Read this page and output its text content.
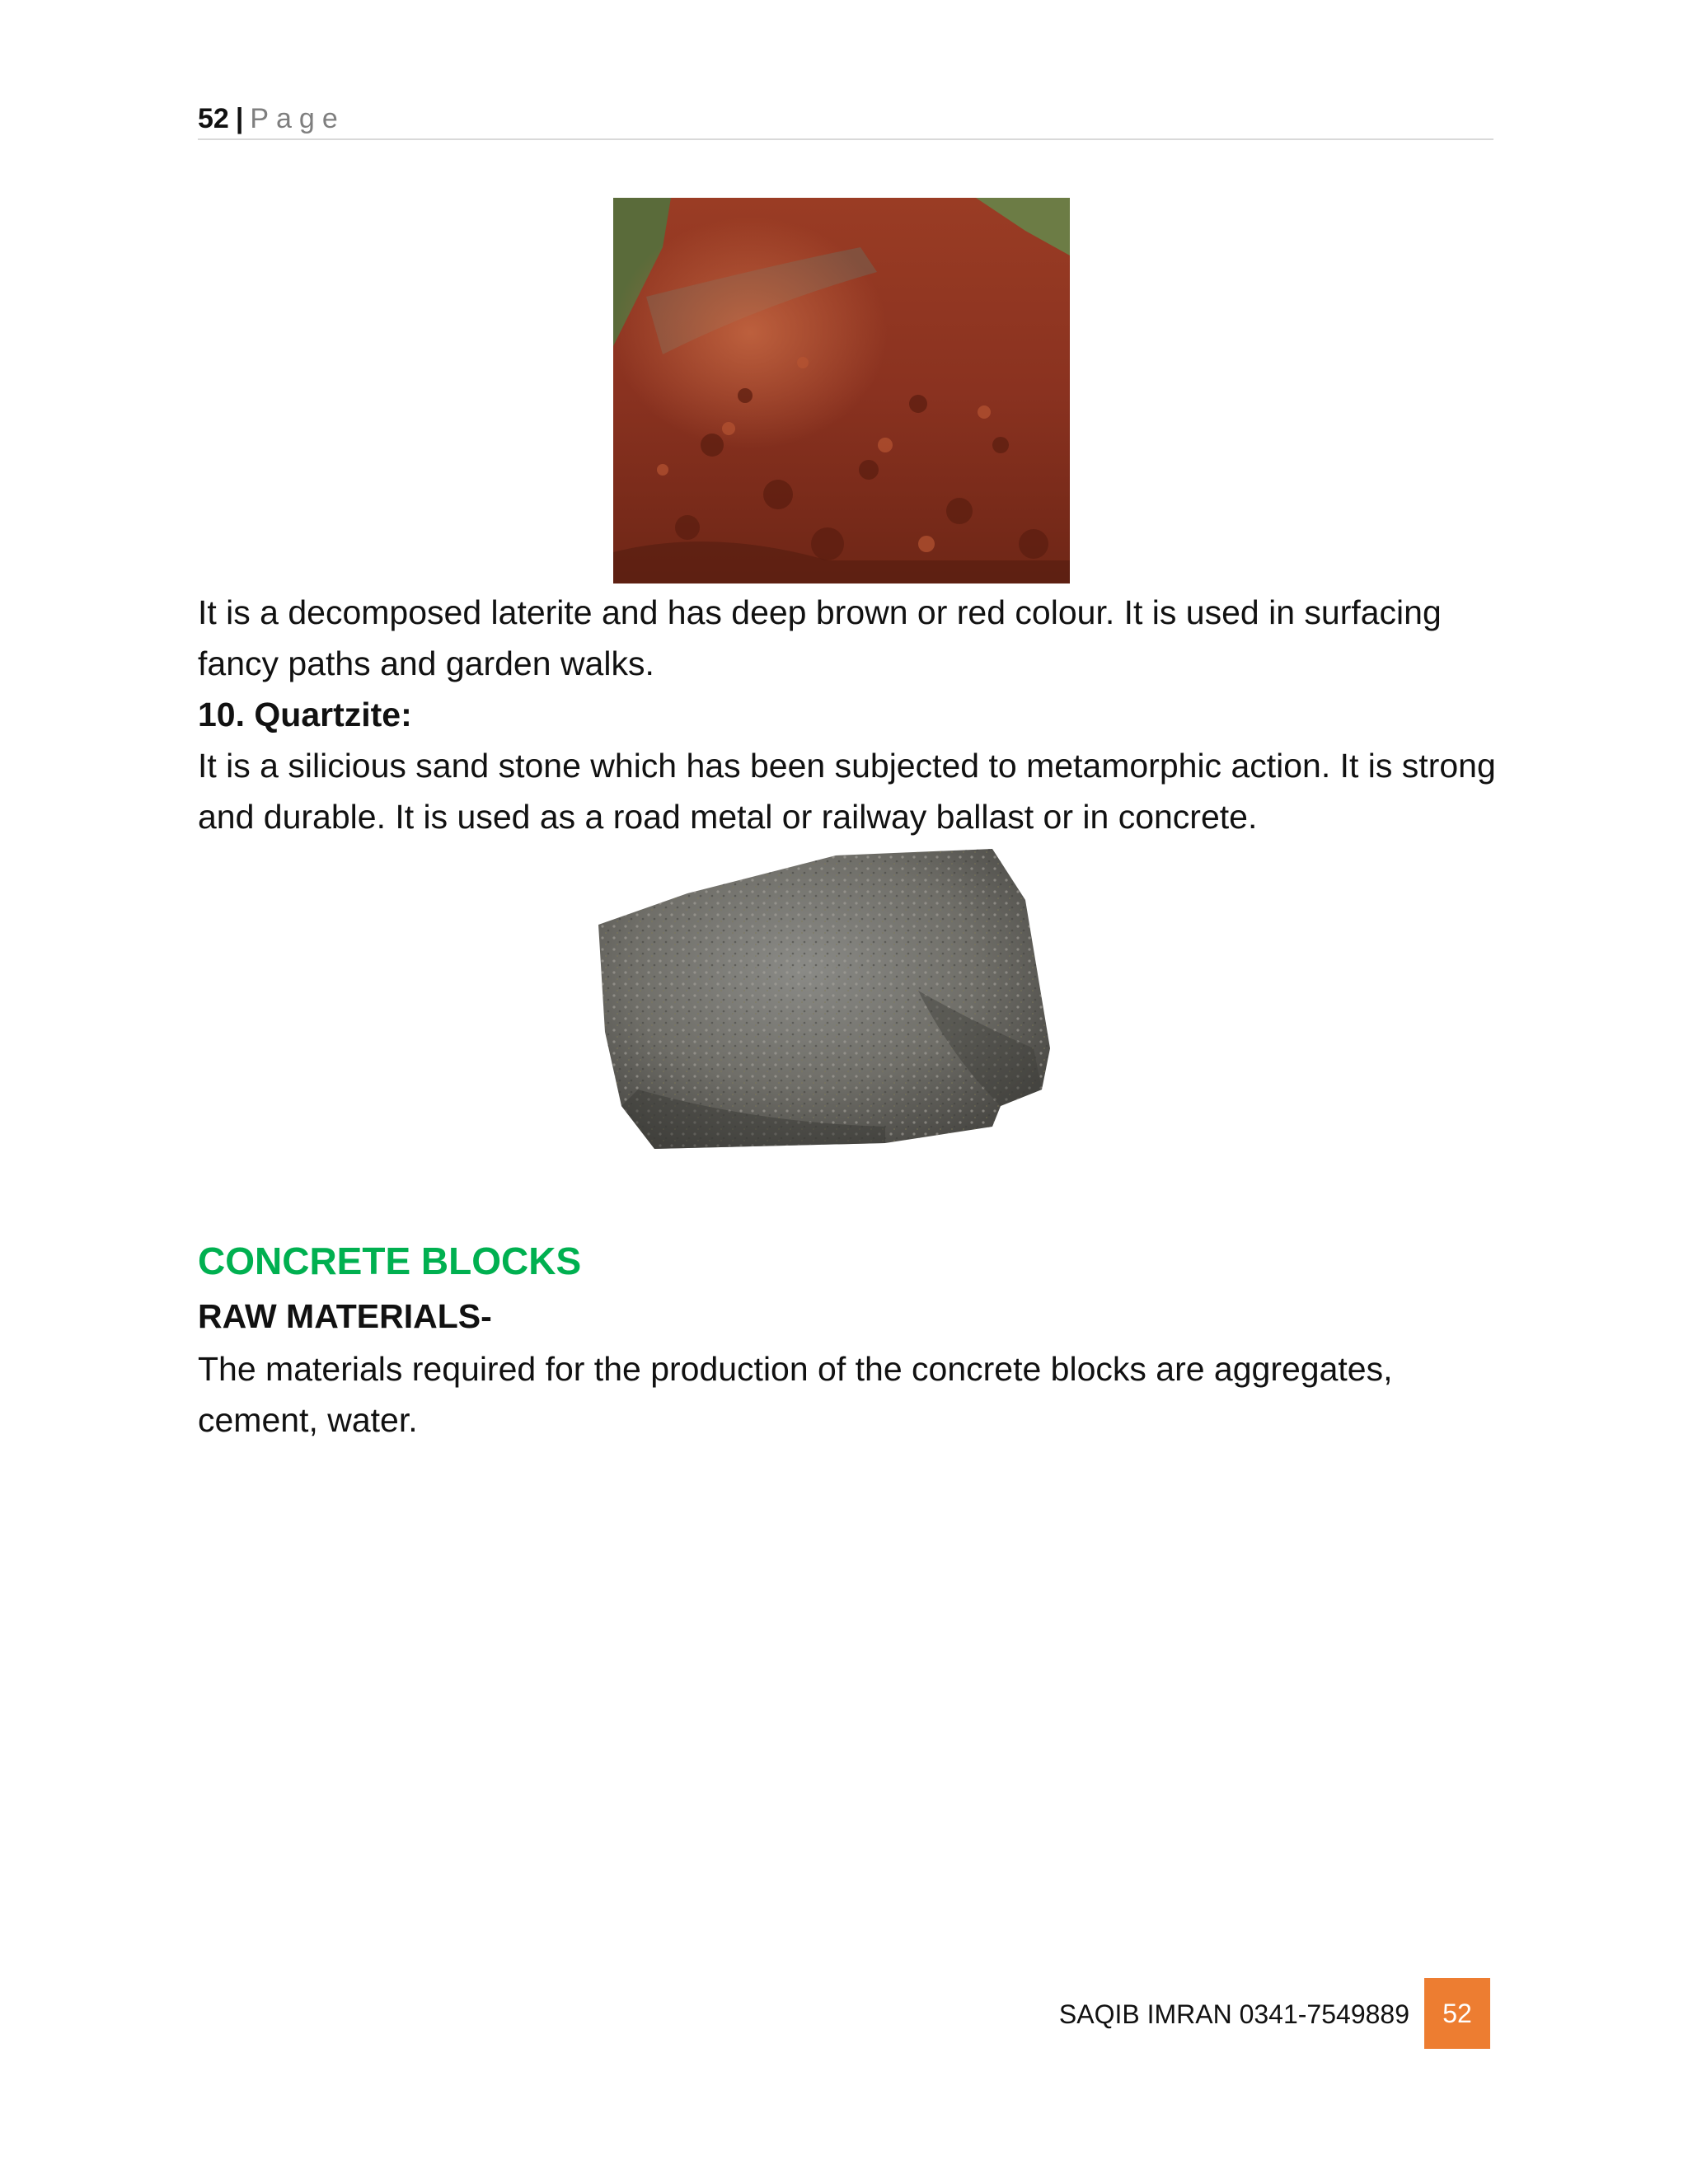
52 | Page

It is a decomposed laterite and has deep brown or red colour. It is used in surfacing fancy paths and garden walks.

10. Quartzite:

It is a silicious sand stone which has been subjected to metamorphic action. It is strong and durable. It is used as a road metal or railway ballast or in concrete.

CONCRETE BLOCKS

RAW MATERIALS-

The materials required for the production of the concrete blocks are aggregates, cement, water.

SAQIB IMRAN 0341-7549889	52
